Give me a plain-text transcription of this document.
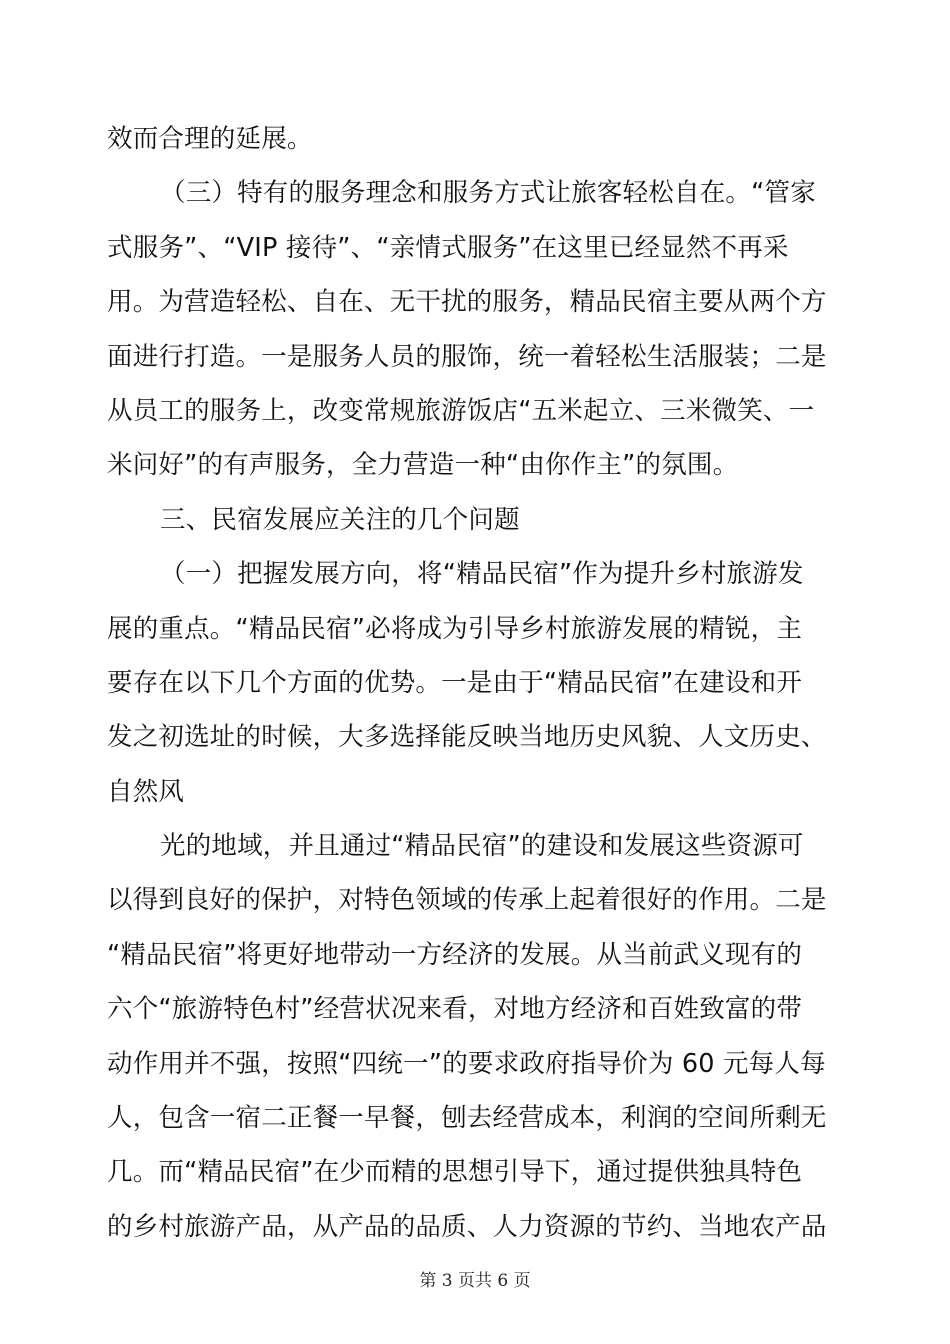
效而合理的延展。
（三）特有的服务理念和服务方式让旅客轻松自在。“管家
式服务”、“VIP 接待”、“亲情式服务”在这里已经显然不再采
用。为营造轻松、自在、无干扰的服务，精品民宿主要从两个方
面进行打造。一是服务人员的服饰，统一着轻松生活服装；二是
从员工的服务上，改变常规旅游饭店“五米起立、三米微笑、一
米问好”的有声服务，全力营造一种“由你作主”的氛围。
三、民宿发展应关注的几个问题
（一）把握发展方向，将“精品民宿”作为提升乡村旅游发
展的重点。“精品民宿”必将成为引导乡村旅游发展的精锐，主
要存在以下几个方面的优势。一是由于“精品民宿”在建设和开
发之初选址的时候，大多选择能反映当地历史风貌、人文历史、
自然风
光的地域，并且通过“精品民宿”的建设和发展这些资源可
以得到良好的保护，对特色领域的传承上起着很好的作用。二是
“精品民宿”将更好地带动一方经济的发展。从当前武义现有的
六个“旅游特色村”经营状况来看，对地方经济和百姓致富的带
动作用并不强，按照“四统一”的要求政府指导价为 60 元每人每
人，包含一宿二正餐一早餐，刨去经营成本，利润的空间所剩无
几。而“精品民宿”在少而精的思想引导下，通过提供独具特色
的乡村旅游产品，从产品的品质、人力资源的节约、当地农产品
第 3 页共 6 页
